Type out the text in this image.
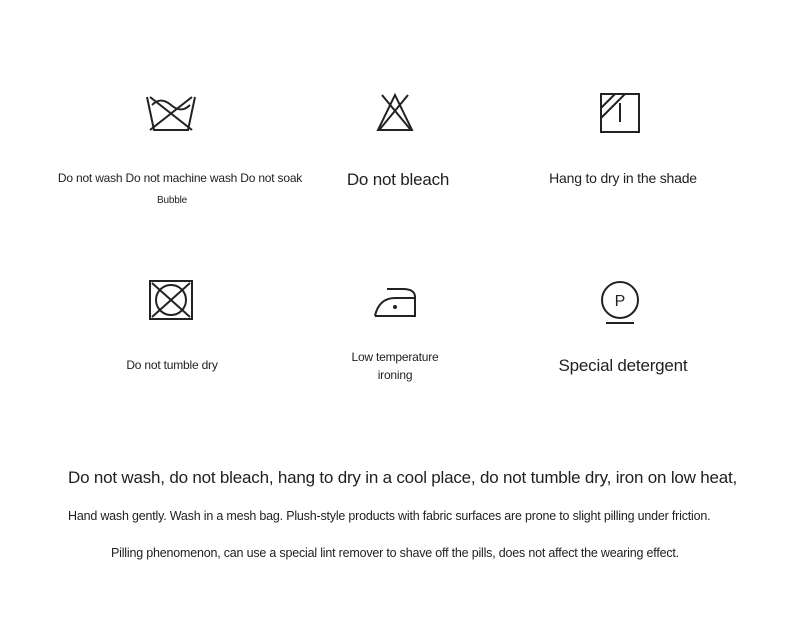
Do not wash Do not machine wash Do not soak
Bubble
Do not bleach	Hang to dry in the shade
Do not tumble dry
Low temperature
ironing
P
Special detergent
Do not wash, do not bleach, hang to dry in a cool place, do not tumble dry, iron on low heat,
Hand wash gently. Wash in a mesh bag. Plush-style products with fabric surfaces are prone to slight pilling under friction.
Pilling phenomenon, can use a special lint remover to shave off the pills, does not affect the wearing effect.
